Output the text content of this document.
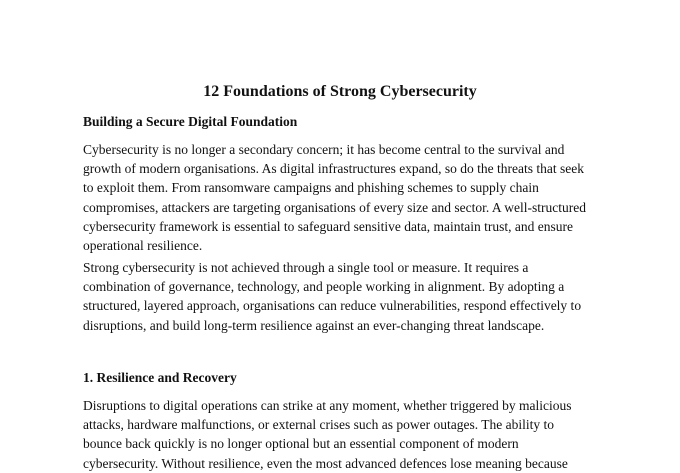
12 Foundations of Strong Cybersecurity
Building a Secure Digital Foundation

Cybersecurity is no longer a secondary concern; it has become central to the survival and
growth of modern organisations. As digital infrastructures expand, so do the threats that seek
to exploit them. From ransomware campaigns and phishing schemes to supply chain
compromises, attackers are targeting organisations of every size and sector. A well-structured
cybersecurity framework is essential to safeguard sensitive data, maintain trust, and ensure
operational resilience.

Strong cybersecurity is not achieved through a single tool or measure. It requires a
combination of governance, technology, and people working in alignment. By adopting a
structured, layered approach, organisations can reduce vulnerabilities, respond effectively to
disruptions, and build long-term resilience against an ever-changing threat landscape.

1. Resilience and Recovery

Disruptions to digital operations can strike at any moment, whether triggered by malicious
attacks, hardware malfunctions, or external crises such as power outages. The ability to
bounce back quickly is no longer optional but an essential component of modern
cybersecurity. Without resilience, even the most advanced defences lose meaning because
